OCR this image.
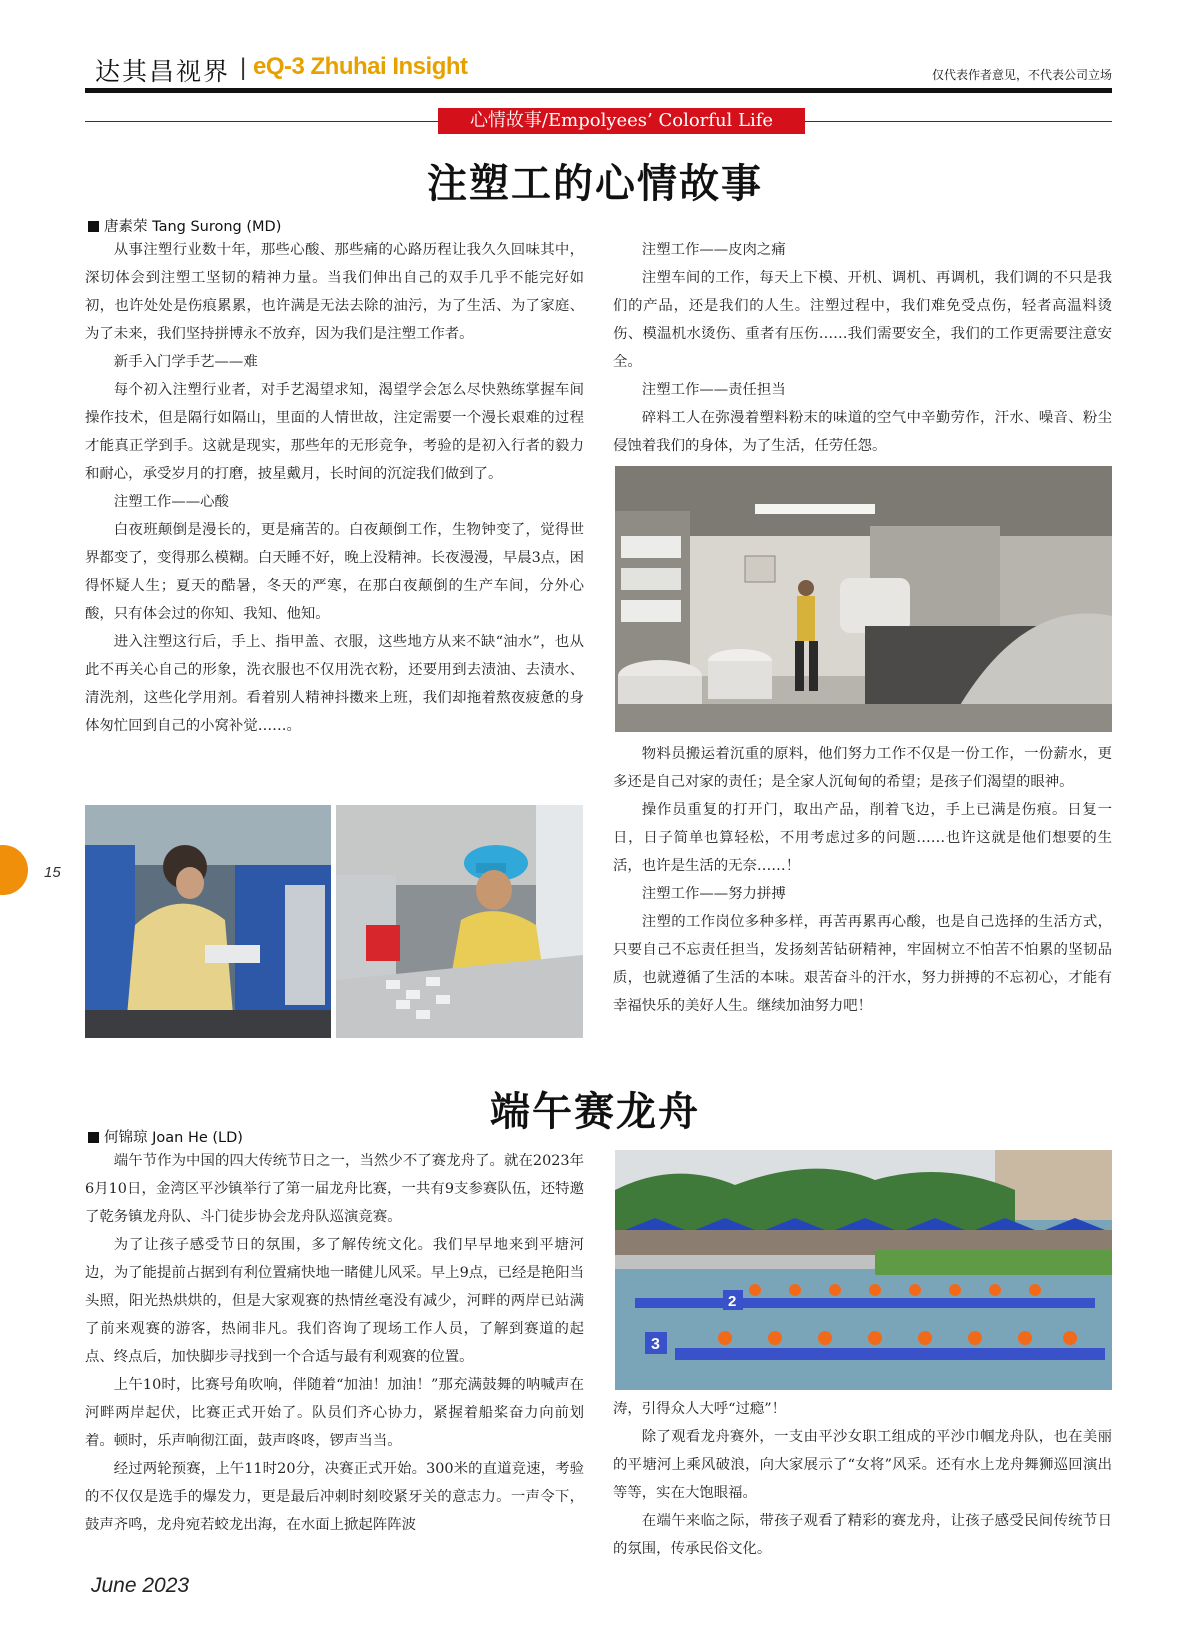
达其昌视界 | eQ-3 Zhuhai Insight	仅代表作者意见，不代表公司立场
心情故事/Empolyees’ Colorful Life
注塑工的心情故事
唐素荣 Tang Surong (MD)

从事注塑行业数十年，那些心酸、那些痛的心路历程让我久久回味其中，深切体会到注塑工坚韧的精神力量。当我们伸出自己的双手几乎不能完好如初，也许处处是伤痕累累，也许满是无法去除的油污，为了生活、为了家庭、为了未来，我们坚持拼博永不放弃，因为我们是注塑工作者。

新手入门学手艺——难

每个初入注塑行业者，对手艺渴望求知，渴望学会怎么尽快熟练掌握车间操作技术，但是隔行如隔山，里面的人情世故，注定需要一个漫长艰难的过程才能真正学到手。这就是现实，那些年的无形竞争，考验的是初入行者的毅力和耐心，承受岁月的打磨，披星戴月，长时间的沉淀我们做到了。

注塑工作——心酸

白夜班颠倒是漫长的，更是痛苦的。白夜颠倒工作，生物钟变了，觉得世界都变了，变得那么模糊。白天睡不好，晚上没精神。长夜漫漫，早晨3点，困得怀疑人生；夏天的酷暑，冬天的严寒，在那白夜颠倒的生产车间，分外心酸，只有体会过的你知、我知、他知。

进入注塑这行后，手上、指甲盖、衣服，这些地方从来不缺“油水”，也从此不再关心自己的形象，洗衣服也不仅用洗衣粉，还要用到去渍油、去渍水、清洗剂，这些化学用剂。看着别人精神抖擞来上班，我们却拖着熬夜疲惫的身体匆忙回到自己的小窝补觉……。

注塑工作——皮肉之痛

注塑车间的工作，每天上下模、开机、调机、再调机，我们调的不只是我们的产品，还是我们的人生。注塑过程中，我们难免受点伤，轻者高温料烫伤、模温机水烫伤、重者有压伤……我们需要安全，我们的工作更需要注意安全。

注塑工作——责任担当

碎料工人在弥漫着塑料粉末的味道的空气中辛勤劳作，汗水、噪音、粉尘侵蚀着我们的身体，为了生活，任劳任怨。

物料员搬运着沉重的原料，他们努力工作不仅是一份工作，一份薪水，更多还是自己对家的责任；是全家人沉甸甸的希望；是孩子们渴望的眼神。

操作员重复的打开门，取出产品，削着飞边，手上已满是伤痕。日复一日，日子简单也算轻松，不用考虑过多的问题……也许这就是他们想要的生活，也许是生活的无奈……！

注塑工作——努力拼搏

注塑的工作岗位多种多样，再苦再累再心酸，也是自己选择的生活方式，只要自己不忘责任担当，发扬刻苦钻研精神，牢固树立不怕苦不怕累的坚韧品质，也就遵循了生活的本味。艰苦奋斗的汗水，努力拼搏的不忘初心，才能有幸福快乐的美好人生。继续加油努力吧！

端午赛龙舟
何锦琼 Joan He (LD)

端午节作为中国的四大传统节日之一，当然少不了赛龙舟了。就在2023年6月10日，金湾区平沙镇举行了第一届龙舟比赛，一共有9支参赛队伍，还特邀了乾务镇龙舟队、斗门徒步协会龙舟队巡演竞赛。

为了让孩子感受节日的氛围，多了解传统文化。我们早早地来到平塘河边，为了能提前占据到有利位置痛快地一睹健儿风采。早上9点，已经是艳阳当头照，阳光热烘烘的，但是大家观赛的热情丝毫没有减少，河畔的两岸已站满了前来观赛的游客，热闹非凡。我们咨询了现场工作人员，了解到赛道的起点、终点后，加快脚步寻找到一个合适与最有利观赛的位置。

上午10时，比赛号角吹响，伴随着“加油！加油！”那充满鼓舞的呐喊声在河畔两岸起伏，比赛正式开始了。队员们齐心协力，紧握着船桨奋力向前划着。顿时，乐声响彻江面，鼓声咚咚，锣声当当。

经过两轮预赛，上午11时20分，决赛正式开始。300米的直道竞速，考验的不仅仅是选手的爆发力，更是最后冲刺时刻咬紧牙关的意志力。一声令下，鼓声齐鸣，龙舟宛若蛟龙出海，在水面上掀起阵阵波

2
3
涛，引得众人大呼“过瘾”！

除了观看龙舟赛外，一支由平沙女职工组成的平沙巾帼龙舟队，也在美丽的平塘河上乘风破浪，向大家展示了“女将”风采。还有水上龙舟舞狮巡回演出等等，实在大饱眼福。

在端午来临之际，带孩子观看了精彩的赛龙舟，让孩子感受民间传统节日的氛围，传承民俗文化。

15
June 2023
